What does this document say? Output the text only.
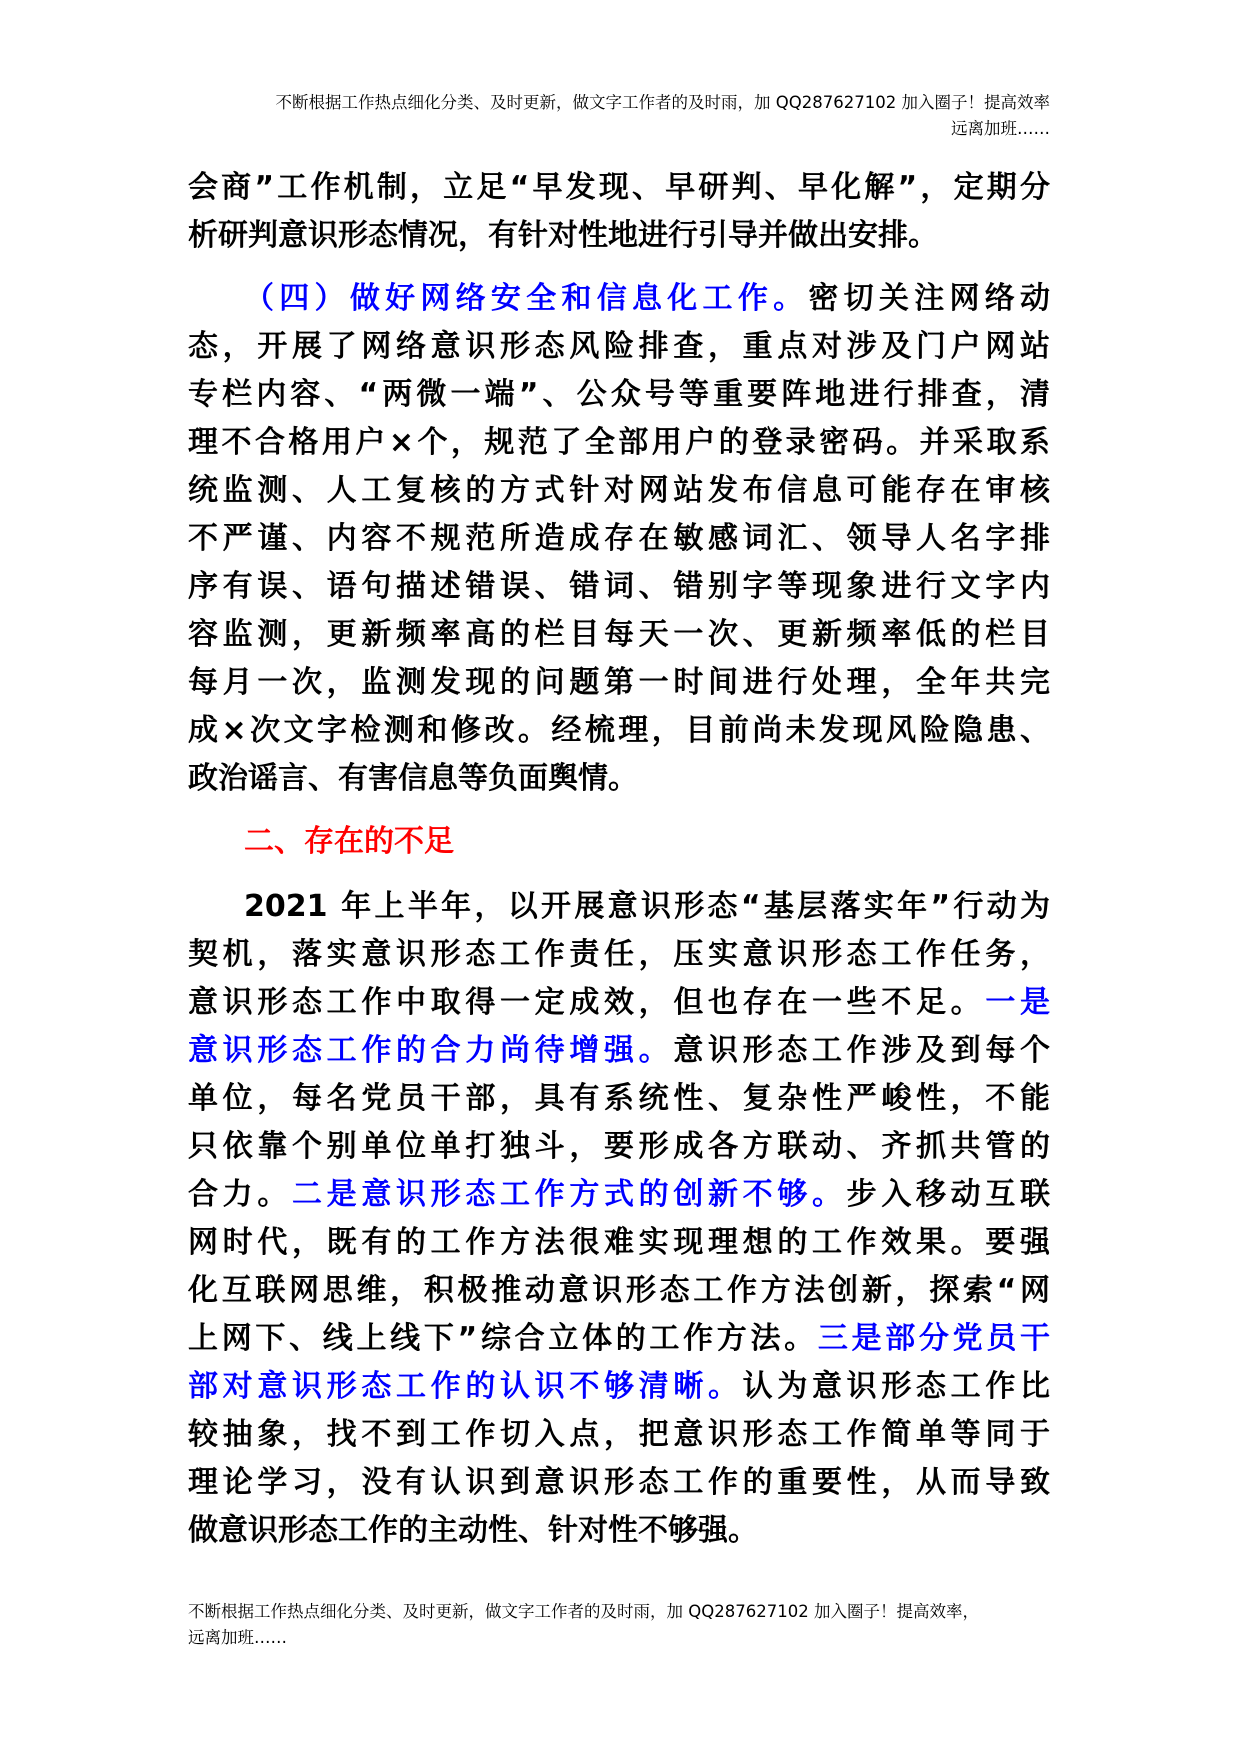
不断根据工作热点细化分类、及时更新，做文字工作者的及时雨，加 QQ287627102 加入圈子！提高效率
远离加班……
会商”工作机制，立足“早发现、早研判、早化解”，定期分
析研判意识形态情况，有针对性地进行引导并做出安排。
（四）做好网络安全和信息化工作。密切关注网络动
态，开展了网络意识形态风险排查，重点对涉及门户网站
专栏内容、“两微一端”、公众号等重要阵地进行排查，清
理不合格用户×个，规范了全部用户的登录密码。并采取系
统监测、人工复核的方式针对网站发布信息可能存在审核
不严谨、内容不规范所造成存在敏感词汇、领导人名字排
序有误、语句描述错误、错词、错别字等现象进行文字内
容监测，更新频率高的栏目每天一次、更新频率低的栏目
每月一次，监测发现的问题第一时间进行处理，全年共完
成×次文字检测和修改。经梳理，目前尚未发现风险隐患、
政治谣言、有害信息等负面舆情。
二、存在的不足
2021 年上半年，以开展意识形态“基层落实年”行动为
契机，落实意识形态工作责任，压实意识形态工作任务，
意识形态工作中取得一定成效，但也存在一些不足。一是
意识形态工作的合力尚待增强。意识形态工作涉及到每个
单位，每名党员干部，具有系统性、复杂性严峻性，不能
只依靠个别单位单打独斗，要形成各方联动、齐抓共管的
合力。二是意识形态工作方式的创新不够。步入移动互联
网时代，既有的工作方法很难实现理想的工作效果。要强
化互联网思维，积极推动意识形态工作方法创新，探索“网
上网下、线上线下”综合立体的工作方法。三是部分党员干
部对意识形态工作的认识不够清晰。认为意识形态工作比
较抽象，找不到工作切入点，把意识形态工作简单等同于
理论学习，没有认识到意识形态工作的重要性，从而导致
做意识形态工作的主动性、针对性不够强。
不断根据工作热点细化分类、及时更新，做文字工作者的及时雨，加 QQ287627102 加入圈子！提高效率，
远离加班……
